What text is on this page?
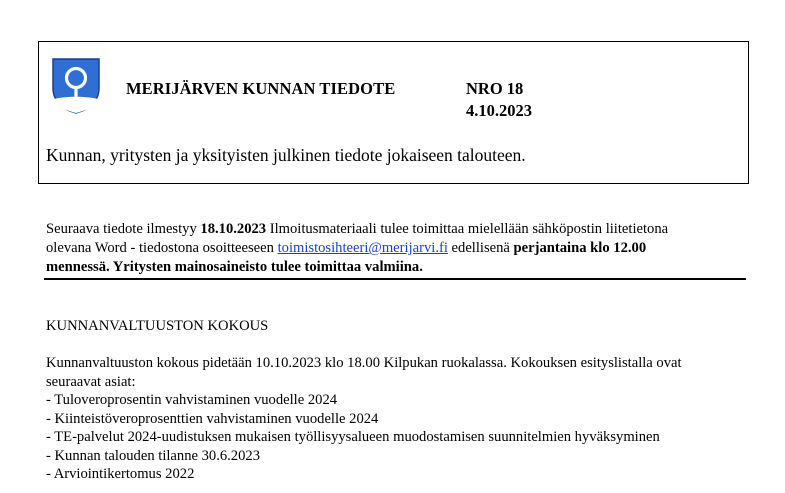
MERIJÄRVEN KUNNAN TIEDOTE	NRO 18
4.10.2023
Kunnan, yritysten ja yksityisten julkinen tiedote jokaiseen talouteen.
Seuraava tiedote ilmestyy 18.10.2023 Ilmoitusmateriaali tulee toimittaa mielellään sähköpostin liitetietona
olevana Word - tiedostona osoitteeseen toimistosihteeri@merijarvi.fi edellisenä perjantaina klo 12.00
mennessä. Yritysten mainosaineisto tulee toimittaa valmiina.
KUNNANVALTUUSTON KOKOUS
Kunnanvaltuuston kokous pidetään 10.10.2023 klo 18.00 Kilpukan ruokalassa. Kokouksen esityslistalla ovat
seuraavat asiat:
- Tuloveroprosentin vahvistaminen vuodelle 2024
- Kiinteistöveroprosenttien vahvistaminen vuodelle 2024
- TE-palvelut 2024-uudistuksen mukaisen työllisyysalueen muodostamisen suunnitelmien hyväksyminen
- Kunnan talouden tilanne 30.6.2023
- Arviointikertomus 2022
